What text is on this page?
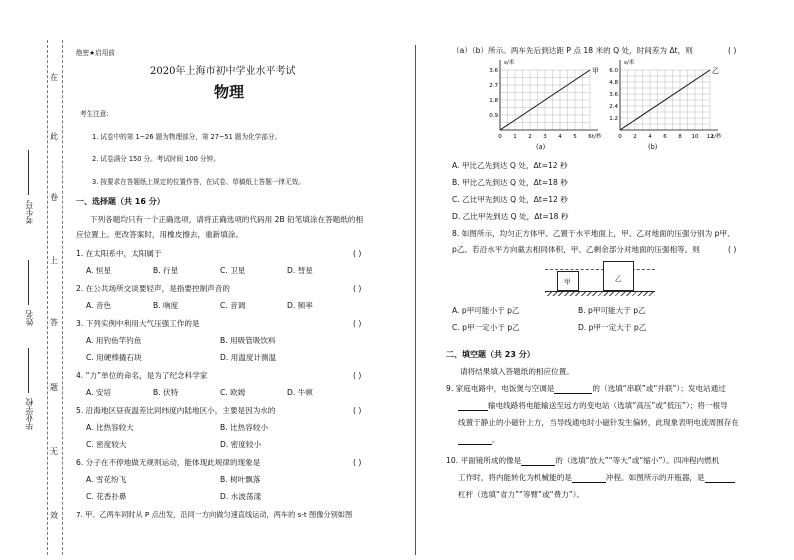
在
此
卷
上
答
题
无
效
考生号
姓名
毕业学校
绝密★启用前
2020年上海市初中学业水平考试
物理
考生注意:
1. 试卷中的第 1~26 题为物理部分，第 27~51 题为化学部分。
2. 试卷满分 150 分。考试时间 100 分钟。
3. 按要求在答题纸上规定的位置作答，在试卷、草稿纸上答题一律无效。
一、选择题（共 16 分）
下列各题均只有一个正确选项，请将正确选项的代码用 2B 铅笔填涂在答题纸的相
应位置上。更改答案时，用橡皮擦去，重新填涂。
1. 在太阳系中，太阳属于	( )
A. 恒星	B. 行星	C. 卫星	D. 彗星
2. 在公共场所交谈要轻声，是指要控制声音的	( )
A. 音色	B. 响度	C. 音调	D. 频率
3. 下列实例中利用大气压强工作的是	( )
A. 用钓鱼竿钓鱼	B. 用吸管吸饮料
C. 用硬棒撬石块	D. 用温度计测温
4. “力”单位的命名，是为了纪念科学家	( )
A. 安培	B. 伏特	C. 欧姆	D. 牛顿
5. 沿海地区昼夜温差比同纬度内陆地区小，主要是因为水的	( )
A. 比热容较大	B. 比热容较小
C. 密度较大	D. 密度较小
6. 分子在不停地做无规则运动，能体现此规律的现象是	( )
A. 雪花纷飞	B. 树叶飘落
C. 花香扑鼻	D. 水波荡漾
7. 甲、乙两车同时从 P 点出发，沿同一方向做匀速直线运动，两车的 s-t 图像分别如图
（a）（b）所示。两车先后到达距 P 点 18 米的 Q 处，时间差为 Δt，则	( )
0 1 2 3 4 5 6
0.9
1.8
2.7
3.6
s/米
t/秒
甲
0 2 4 6 8 10 12
1.2
2.4
3.6
4.8
6.0
s/米
t/秒
乙
(a)	(b)
A. 甲比乙先到达 Q 处，Δt=12 秒
B. 甲比乙先到达 Q 处，Δt=18 秒
C. 乙比甲先到达 Q 处，Δt=12 秒
D. 乙比甲先到达 Q 处，Δt=18 秒
8. 如图所示，均匀正方体甲、乙置于水平地面上，甲、乙对地面的压强分别为 p甲、
p乙。若沿水平方向截去相同体积，甲、乙剩余部分对地面的压强相等。则	( )
甲	乙
A. p甲可能小于 p乙	B. p甲可能大于 p乙
C. p甲一定小于 p乙	D. p甲一定大于 p乙
二、填空题（共 23 分）
请将结果填入答题纸的相应位置。
9. 家庭电路中，电饭煲与空调是	的（选填“串联”或“并联”）；发电站通过
输电线路将电能输送至远方的变电站（选填“高压”或“低压”）；将一根导
线置于静止的小磁针上方，当导线通电时小磁针发生偏转，此现象表明电流周围存在
。
10. 平面镜所成的像是	的（选填“放大”“等大”或“缩小”）。四冲程内燃机
工作时，将内能转化为机械能的是	冲程。如图所示的开瓶器，是
杠杆（选填“省力”“等臂”或“费力”）。
